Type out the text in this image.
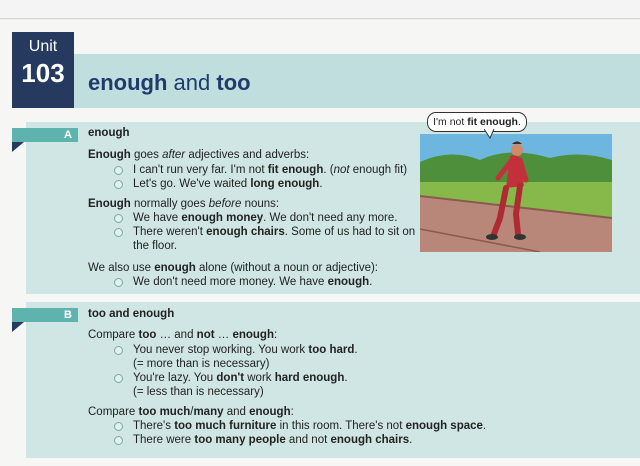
Unit
103	enough and too
A	enough
Enough goes after adjectives and adverbs:
I can't run very far. I'm not fit enough. (not enough fit)
Let's go. We've waited long enough.
Enough normally goes before nouns:
We have enough money. We don't need any more.
There weren't enough chairs. Some of us had to sit on
the floor.
We also use enough alone (without a noun or adjective):
We don't need more money. We have enough.
I'm not fit enough.
B	too and enough
Compare too … and not … enough:
You never stop working. You work too hard.
(= more than is necessary)
You're lazy. You don't work hard enough.
(= less than is necessary)
Compare too much/many and enough:
There's too much furniture in this room. There's not enough space.
There were too many people and not enough chairs.
